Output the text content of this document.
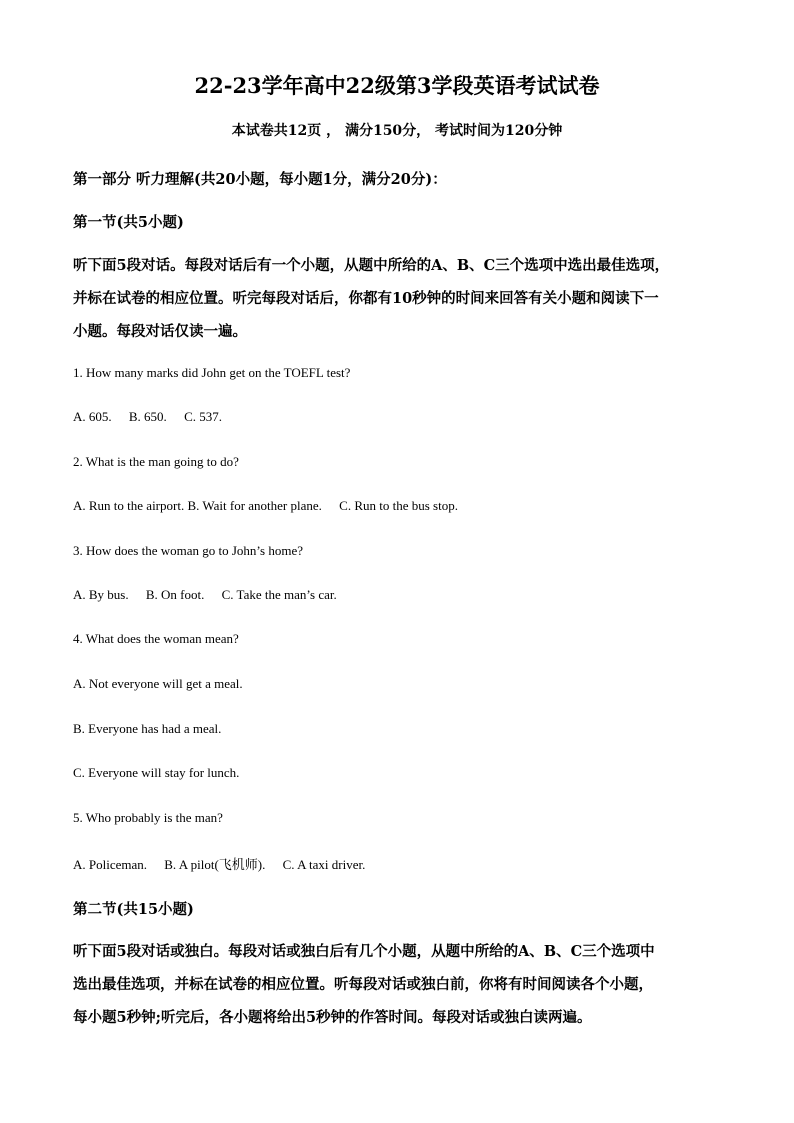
22-23学年高中22级第3学段英语考试试卷
本试卷共12页 ， 满分150分， 考试时间为120分钟
第一部分 听力理解(共20小题，每小题1分，满分20分)：
第一节(共5小题)
听下面5段对话。每段对话后有一个小题，从题中所给的A、B、C三个选项中选出最佳选项，
并标在试卷的相应位置。听完每段对话后，你都有10秒钟的时间来回答有关小题和阅读下一
小题。每段对话仅读一遍。
1. How many marks did John get on the TOEFL test?
A. 605. B. 650. C. 537.
2. What is the man going to do?
A. Run to the airport. B. Wait for another plane. C. Run to the bus stop.
3. How does the woman go to John’s home?
A. By bus. B. On foot. C. Take the man’s car.
4. What does the woman mean?
A. Not everyone will get a meal.
B. Everyone has had a meal.
C. Everyone will stay for lunch.
5. Who probably is the man?
A. Policeman. B. A pilot(飞机师). C. A taxi driver.
第二节(共15小题)
听下面5段对话或独白。每段对话或独白后有几个小题，从题中所给的A、B、C三个选项中
选出最佳选项，并标在试卷的相应位置。听每段对话或独白前，你将有时间阅读各个小题，
每小题5秒钟;听完后，各小题将给出5秒钟的作答时间。每段对话或独白读两遍。
